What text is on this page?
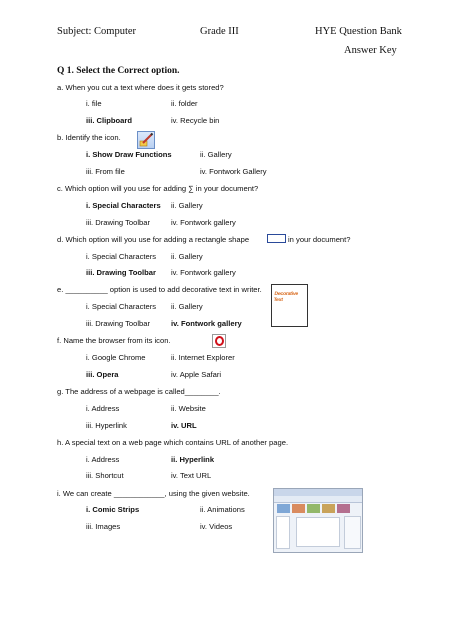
Subject: Computer	Grade III	HYE Question Bank
Answer Key
Q 1. Select the Correct option.
a. When you cut a text where does it gets stored?
i. file	ii. folder
iii. Clipboard	iv. Recycle bin
b. Identify the icon.
i. Show Draw Functions	ii. Gallery
iii. From file	iv. Fontwork Gallery
c. Which option will you use for adding ∑ in your document?
i. Special Characters ii. Gallery
iii. Drawing Toolbar	iv. Fontwork gallery
d. Which option will you use for adding a rectangle shape	in your document?
i. Special Characters ii. Gallery
iii. Drawing Toolbar iv. Fontwork gallery
e. __________ option is used to add decorative text in writer. Decorative Text
i. Special Characters ii. Gallery
iii. Drawing Toolbar	iv. Fontwork gallery
f. Name the browser from its icon.
i. Google Chrome	ii. Internet Explorer
iii. Opera	iv. Apple Safari
g. The address of a webpage is called________.
i. Address	ii. Website
iii. Hyperlink	iv. URL
h. A special text on a web page which contains URL of another page.
i. Address	ii. Hyperlink
iii. Shortcut	iv. Text URL
i. We can create ____________, using the given website.
i. Comic Strips	ii. Animations
iii. Images	iv. Videos
